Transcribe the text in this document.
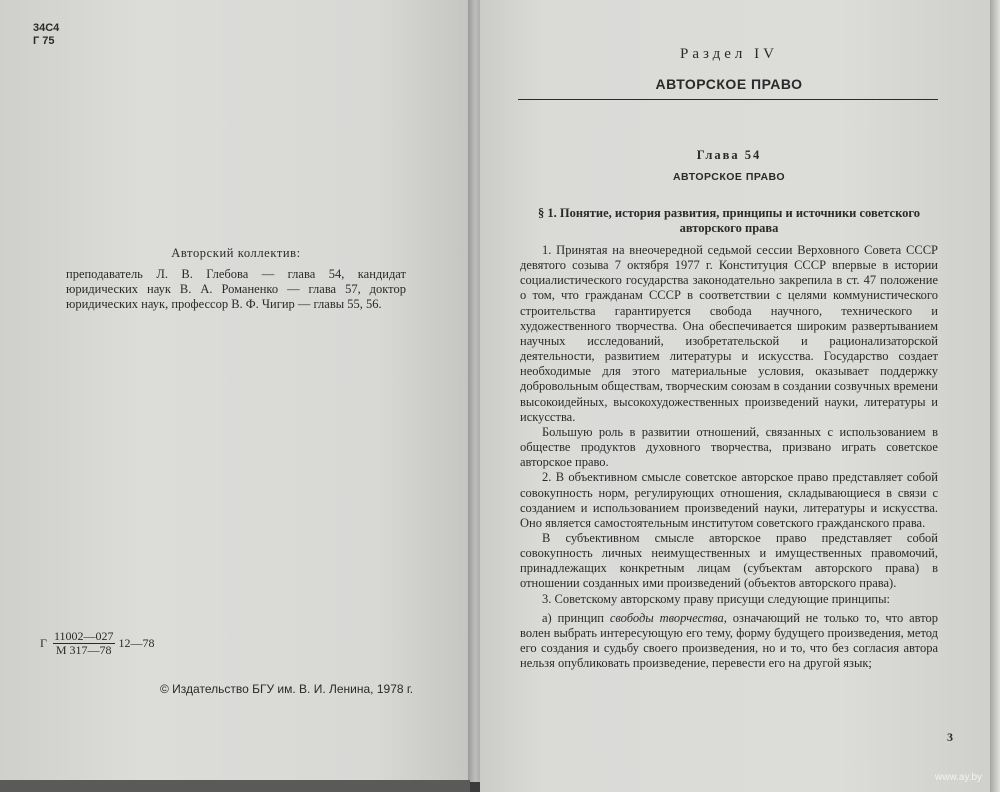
34С4
Г 75
Авторский коллектив:
преподаватель Л. В. Глебова — глава 54, кандидат юридических наук В. А. Романенко — глава 57, доктор юридических наук, профессор В. Ф. Чигир — главы 55, 56.
Г $\frac{11002—027}{М 317—78}$ 12—78
© Издательство БГУ им. В. И. Ленина, 1978 г.
Раздел IV
АВТОРСКОЕ ПРАВО
Глава 54
АВТОРСКОЕ ПРАВО
§ 1. Понятие, история развития, принципы и источники советского авторского права

1. Принятая на внеочередной седьмой сессии Верховного Совета СССР девятого созыва 7 октября 1977 г. Конституция СССР впервые в истории социалистического государства законодательно закрепила в ст. 47 положение о том, что гражданам СССР в соответствии с целями коммунистического строительства гарантируется свобода научного, технического и художественного творчества. Она обеспечивается широким развертыванием научных исследований, изобретательской и рационализаторской деятельности, развитием литературы и искусства. Государство создает необходимые для этого материальные условия, оказывает поддержку добровольным обществам, творческим союзам в создании созвучных времени высокоидейных, высокохудожественных произведений науки, литературы и искусства.

Большую роль в развитии отношений, связанных с использованием в обществе продуктов духовного творчества, призвано играть советское авторское право.

2. В объективном смысле советское авторское право представляет собой совокупность норм, регулирующих отношения, складывающиеся в связи с созданием и использованием произведений науки, литературы и искусства. Оно является самостоятельным институтом советского гражданского права.

В субъективном смысле авторское право представляет собой совокупность личных неимущественных и имущественных правомочий, принадлежащих конкретным лицам (субъектам авторского права) в отношении созданных ими произведений (объектов авторского права).

3. Советскому авторскому праву присущи следующие принципы:

а) принцип свободы творчества, означающий не только то, что автор волен выбрать интересующую его тему, форму будущего произведения, метод его создания и судьбу своего произведения, но и то, что без согласия автора нельзя опубликовать произведение, перевести его на другой язык;

3
www.ay.by
